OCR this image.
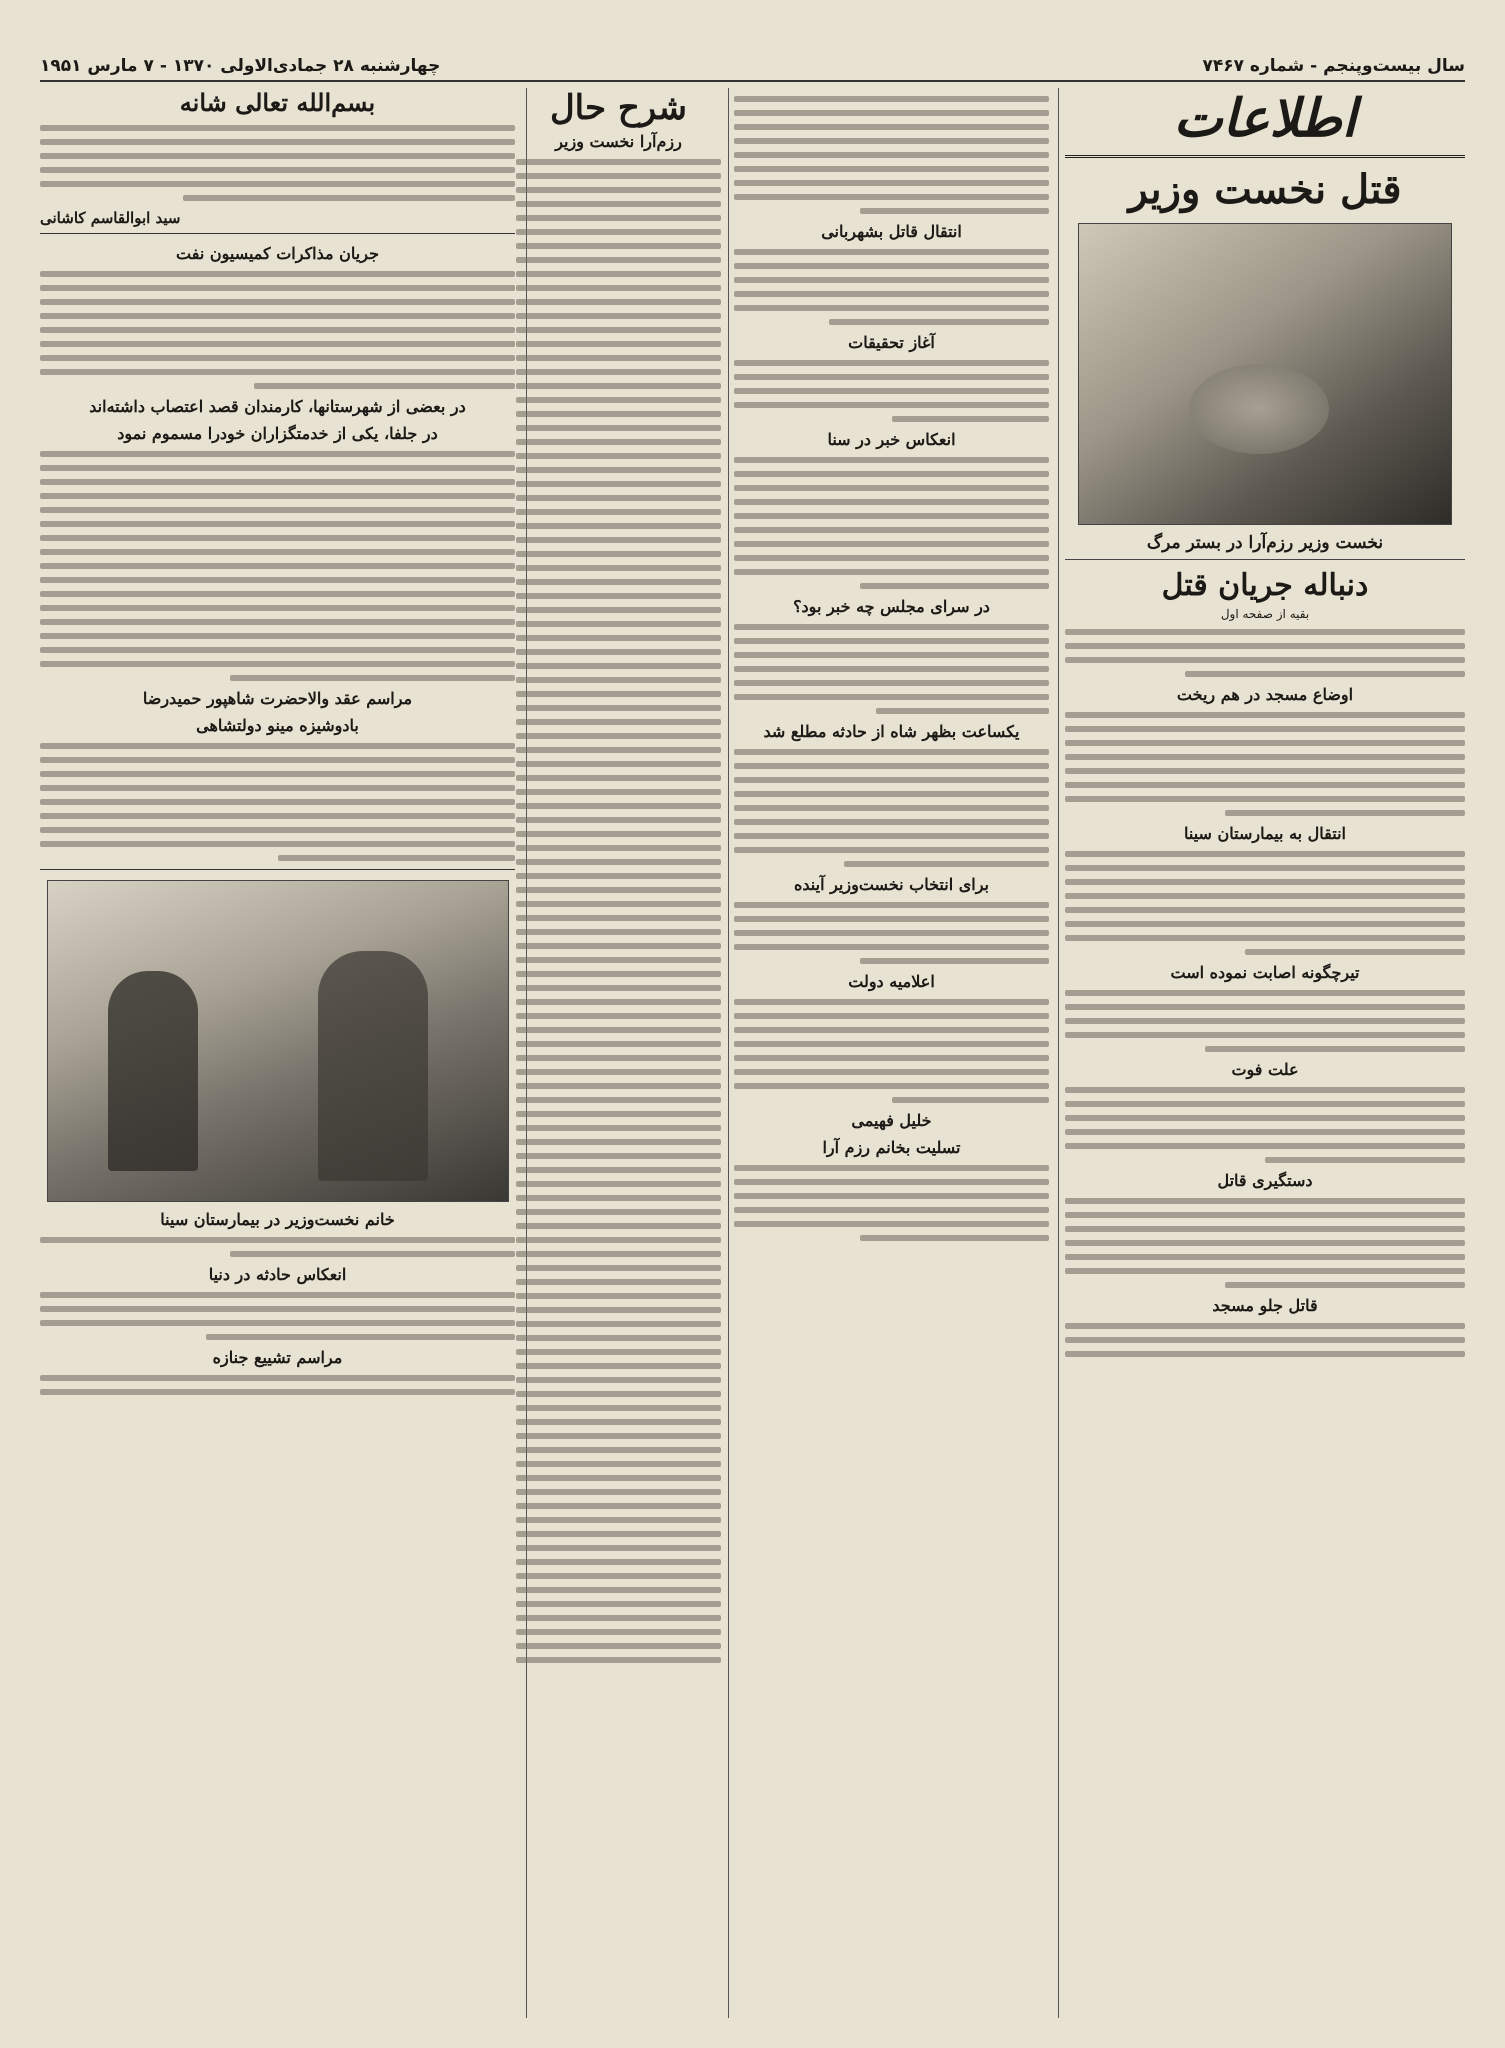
سال بیست‌وپنجم - شماره ۷۴۶۷
چهارشنبه ۲۸ جمادی‌الاولی ۱۳۷۰ - ۷ مارس ۱۹۵۱
اطلاعات
قتل نخست وزیر
نخست وزیر رزم‌آرا در بستر مرگ
دنباله جریان قتل
بقیه از صفحه اول
اوضاع مسجد در هم ریخت
انتقال به بیمارستان سینا
تیرچگونه اصابت نموده است
علت فوت
دستگیری قاتل
قاتل جلو مسجد
انتقال قاتل بشهربانی
آغاز تحقیقات
انعکاس خبر در سنا
در سرای مجلس چه خبر بود؟
یکساعت بظهر شاه از حادثه مطلع شد
برای انتخاب نخست‌وزیر آینده
اعلامیه دولت
خلیل فهیمی
تسلیت بخانم رزم آرا
شرح حال
رزم‌آرا نخست وزیر
بسم‌الله تعالی شانه
سید ابوالقاسم کاشانی
جریان مذاکرات کمیسیون نفت
در بعضی از شهرستانها، کارمندان قصد اعتصاب داشته‌اند
در جلفا، یکی از خدمتگزاران خودرا مسموم نمود
مراسم عقد والاحضرت شاهپور حمیدرضا
بادوشیزه مینو دولتشاهی
خانم نخست‌وزیر در بیمارستان سینا
انعکاس حادثه در دنیا
مراسم تشییع جنازه
